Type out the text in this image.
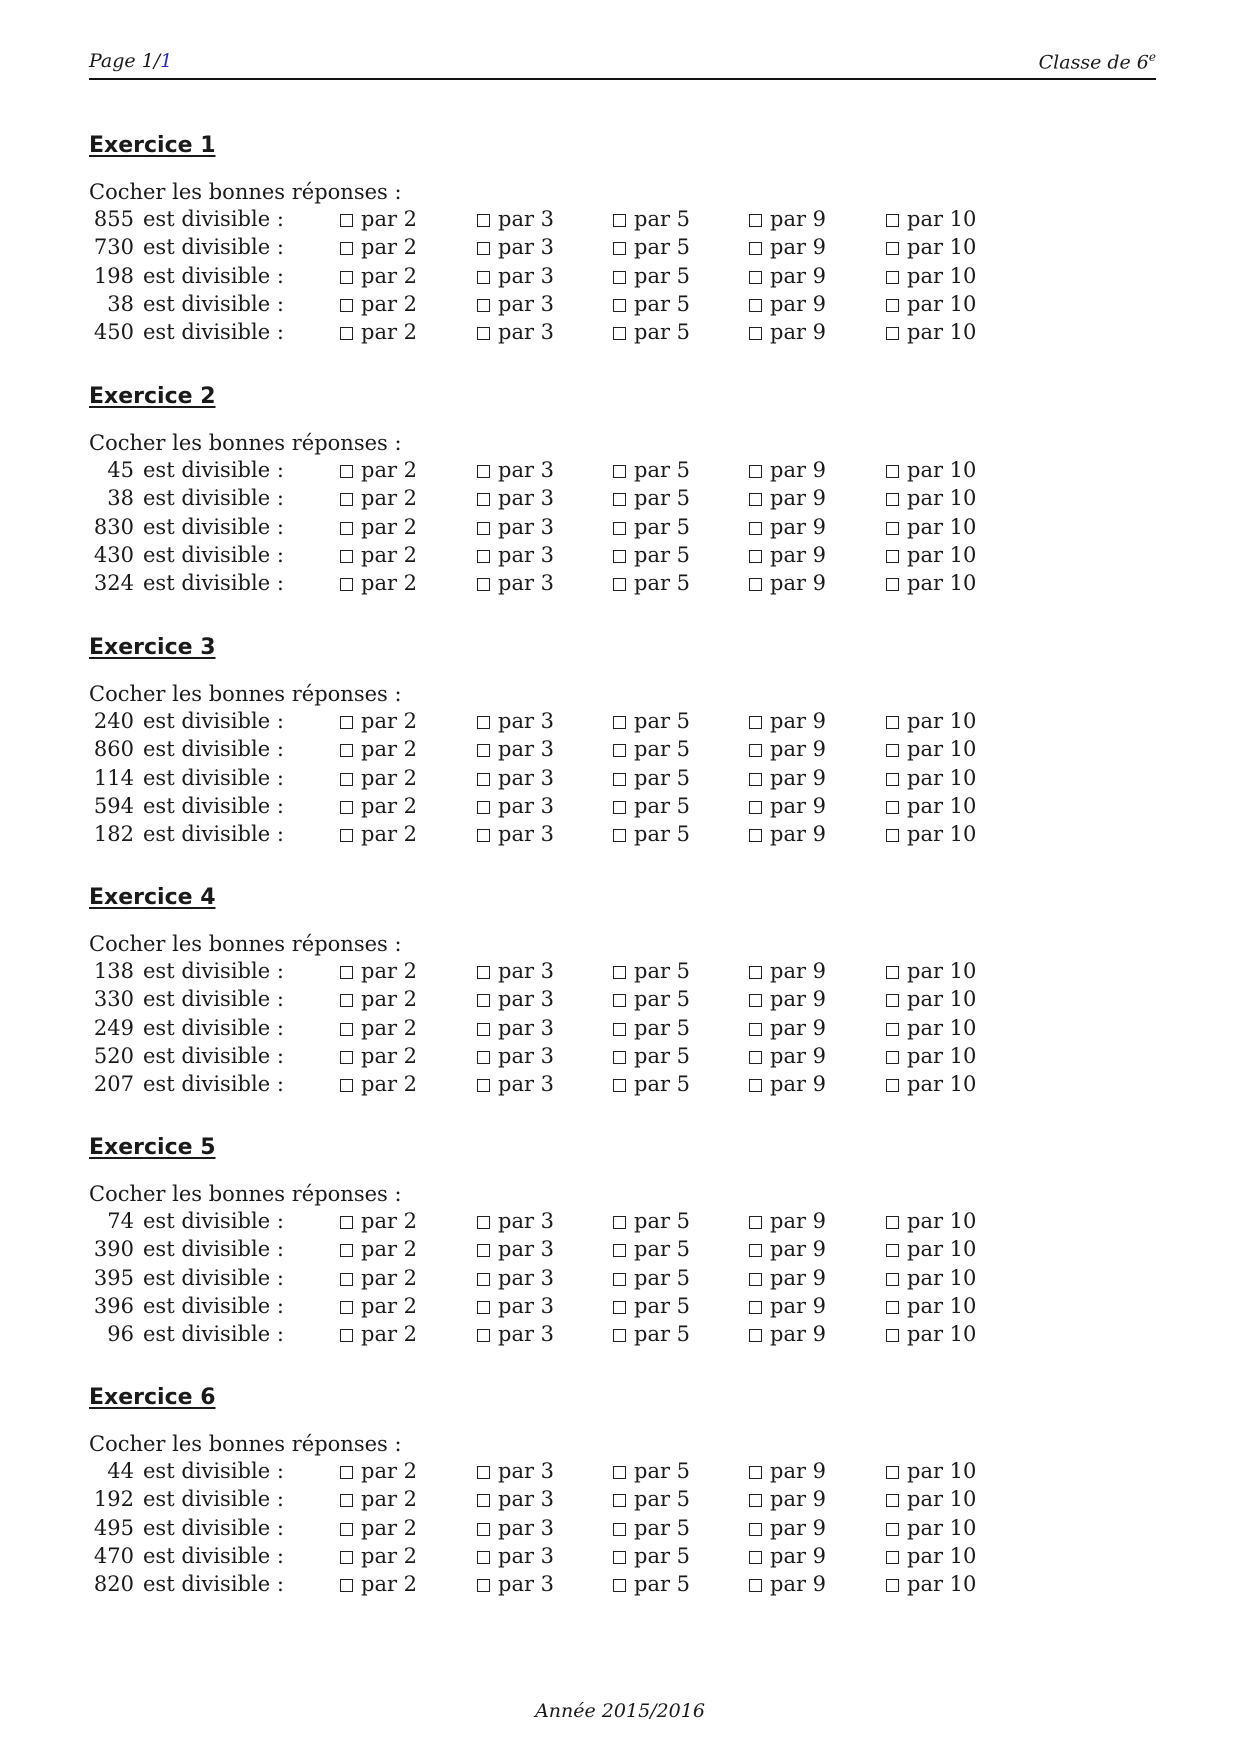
Page 1/1	Classe de 6e
Exercice 1
Cocher les bonnes réponses :
855 est divisible :	par 2	par 3	par 5	par 9	par 10
730 est divisible :	par 2	par 3	par 5	par 9	par 10
198 est divisible :	par 2	par 3	par 5	par 9	par 10
38 est divisible :	par 2	par 3	par 5	par 9	par 10
450 est divisible :	par 2	par 3	par 5	par 9	par 10
Exercice 2
Cocher les bonnes réponses :
45 est divisible :	par 2	par 3	par 5	par 9	par 10
38 est divisible :	par 2	par 3	par 5	par 9	par 10
830 est divisible :	par 2	par 3	par 5	par 9	par 10
430 est divisible :	par 2	par 3	par 5	par 9	par 10
324 est divisible :	par 2	par 3	par 5	par 9	par 10
Exercice 3
Cocher les bonnes réponses :
240 est divisible :	par 2	par 3	par 5	par 9	par 10
860 est divisible :	par 2	par 3	par 5	par 9	par 10
114 est divisible :	par 2	par 3	par 5	par 9	par 10
594 est divisible :	par 2	par 3	par 5	par 9	par 10
182 est divisible :	par 2	par 3	par 5	par 9	par 10
Exercice 4
Cocher les bonnes réponses :
138 est divisible :	par 2	par 3	par 5	par 9	par 10
330 est divisible :	par 2	par 3	par 5	par 9	par 10
249 est divisible :	par 2	par 3	par 5	par 9	par 10
520 est divisible :	par 2	par 3	par 5	par 9	par 10
207 est divisible :	par 2	par 3	par 5	par 9	par 10
Exercice 5
Cocher les bonnes réponses :
74 est divisible :	par 2	par 3	par 5	par 9	par 10
390 est divisible :	par 2	par 3	par 5	par 9	par 10
395 est divisible :	par 2	par 3	par 5	par 9	par 10
396 est divisible :	par 2	par 3	par 5	par 9	par 10
96 est divisible :	par 2	par 3	par 5	par 9	par 10
Exercice 6
Cocher les bonnes réponses :
44 est divisible :	par 2	par 3	par 5	par 9	par 10
192 est divisible :	par 2	par 3	par 5	par 9	par 10
495 est divisible :	par 2	par 3	par 5	par 9	par 10
470 est divisible :	par 2	par 3	par 5	par 9	par 10
820 est divisible :	par 2	par 3	par 5	par 9	par 10
Année 2015/2016
